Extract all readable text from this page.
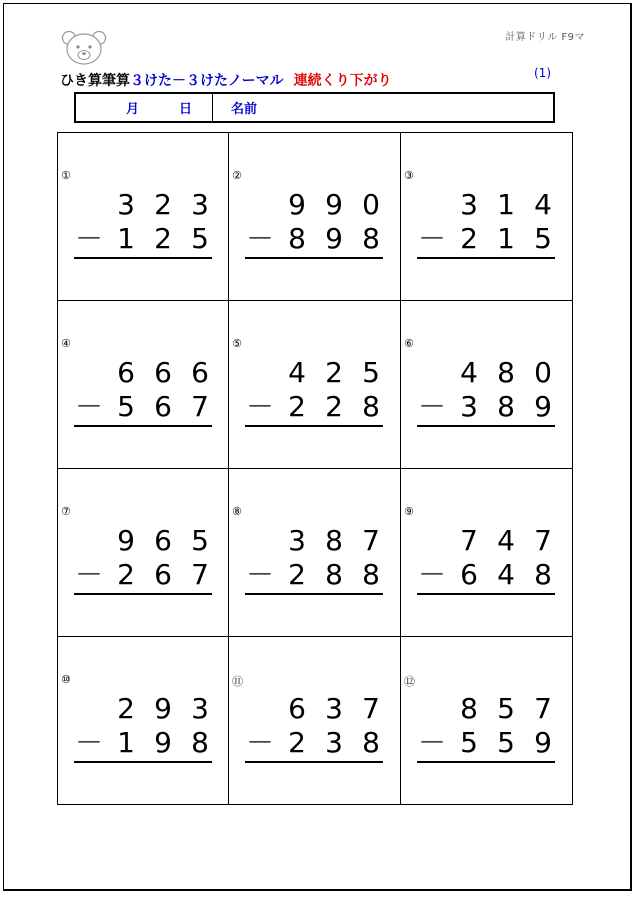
計算ドリル F9マ
ひき算筆算３けた－３けたノーマル 連続くり下がり	(1)
月	日	名前
①
3 2 3
－ 1 2 5
②
9 9 0
－ 8 9 8
③
3 1 4
－ 2 1 5
④
6 6 6
－ 5 6 7
⑤
4 2 5
－ 2 2 8
⑥
4 8 0
－ 3 8 9
⑦
9 6 5
－ 2 6 7
⑧
3 8 7
－ 2 8 8
⑨
7 4 7
－ 6 4 8
⑩
2 9 3
－ 1 9 8
⑪
6 3 7
－ 2 3 8
⑫
8 5 7
－ 5 5 9
